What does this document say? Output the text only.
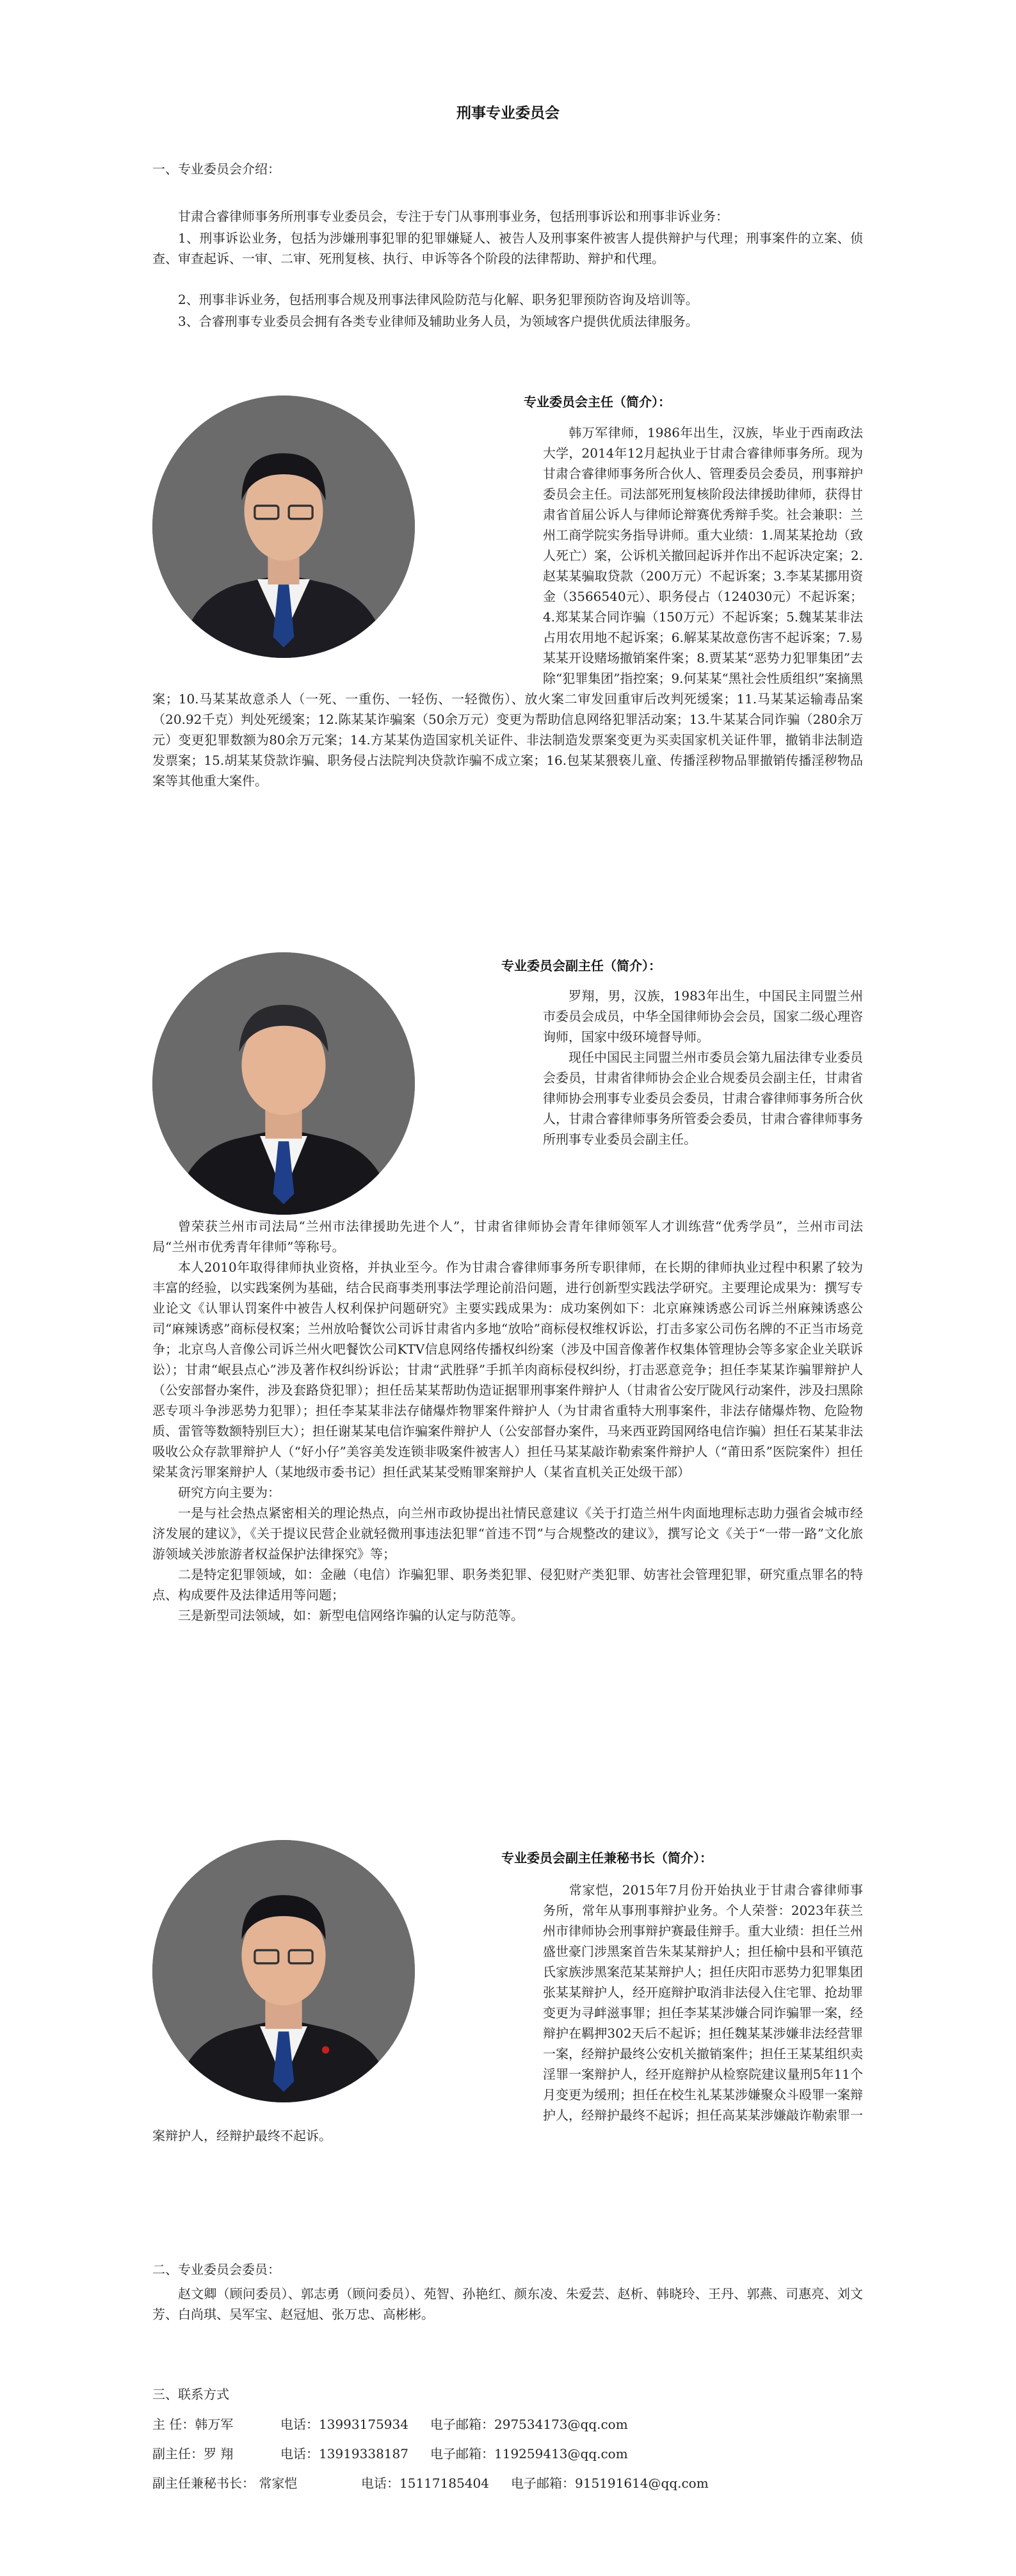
刑事专业委员会
一、专业委员会介绍：
甘肃合睿律师事务所刑事专业委员会，专注于专门从事刑事业务，包括刑事诉讼和刑事非诉业务：
1、刑事诉讼业务，包括为涉嫌刑事犯罪的犯罪嫌疑人、被告人及刑事案件被害人提供辩护与代理；刑事案件的立案、侦查、审查起诉、一审、二审、死刑复核、执行、申诉等各个阶段的法律帮助、辩护和代理。
2、刑事非诉业务，包括刑事合规及刑事法律风险防范与化解、职务犯罪预防咨询及培训等。
3、合睿刑事专业委员会拥有各类专业律师及辅助业务人员，为领域客户提供优质法律服务。
专业委员会主任（简介）：
韩万军律师，1986年出生，汉族，毕业于西南政法大学，2014年12月起执业于甘肃合睿律师事务所。现为甘肃合睿律师事务所合伙人、管理委员会委员，刑事辩护委员会主任。司法部死刑复核阶段法律援助律师，获得甘肃省首届公诉人与律师论辩赛优秀辩手奖。社会兼职：兰州工商学院实务指导讲师。重大业绩：1.周某某抢劫（致人死亡）案，公诉机关撤回起诉并作出不起诉决定案；2.赵某某骗取贷款（200万元）不起诉案；3.李某某挪用资金（3566540元）、职务侵占（124030元）不起诉案；4.郑某某合同诈骗（150万元）不起诉案；5.魏某某非法占用农用地不起诉案；6.解某某故意伤害不起诉案；7.易某某开设赌场撤销案件案；8.贾某某“恶势力犯罪集团”去除“犯罪集团”指控案；9.何某某“黑社会性质组织”案摘黑案；10.马某某故意杀人（一死、一重伤、一轻伤、一轻微伤）、放火案二审发回重审后改判死缓案；11.马某某运输毒品案（20.92千克）判处死缓案；12.陈某某诈骗案（50余万元）变更为帮助信息网络犯罪活动案；13.牛某某合同诈骗（280余万元）变更犯罪数额为80余万元案；14.方某某伪造国家机关证件、非法制造发票案变更为买卖国家机关证件罪，撤销非法制造发票案；15.胡某某贷款诈骗、职务侵占法院判决贷款诈骗不成立案；16.包某某猥亵儿童、传播淫秽物品罪撤销传播淫秽物品案等其他重大案件。
专业委员会副主任（简介）：
罗翔，男，汉族，1983年出生，中国民主同盟兰州市委员会成员，中华全国律师协会会员，国家二级心理咨询师，国家中级环境督导师。
现任中国民主同盟兰州市委员会第九届法律专业委员会委员，甘肃省律师协会企业合规委员会副主任，甘肃省律师协会刑事专业委员会委员，甘肃合睿律师事务所合伙人，甘肃合睿律师事务所管委会委员，甘肃合睿律师事务所刑事专业委员会副主任。
曾荣获兰州市司法局“兰州市法律援助先进个人”，甘肃省律师协会青年律师领军人才训练营“优秀学员”，兰州市司法局“兰州市优秀青年律师”等称号。
本人2010年取得律师执业资格，并执业至今。作为甘肃合睿律师事务所专职律师，在长期的律师执业过程中积累了较为丰富的经验，以实践案例为基础，结合民商事类刑事法学理论前沿问题，进行创新型实践法学研究。主要理论成果为：撰写专业论文《认罪认罚案件中被告人权利保护问题研究》主要实践成果为：成功案例如下：北京麻辣诱惑公司诉兰州麻辣诱惑公司“麻辣诱惑”商标侵权案；兰州放哈餐饮公司诉甘肃省内多地“放哈”商标侵权维权诉讼，打击多家公司伤名牌的不正当市场竞争；北京鸟人音像公司诉兰州火吧餐饮公司KTV信息网络传播权纠纷案（涉及中国音像著作权集体管理协会等多家企业关联诉讼）；甘肃“岷县点心”涉及著作权纠纷诉讼；甘肃“武胜驿”手抓羊肉商标侵权纠纷，打击恶意竞争；担任李某某诈骗罪辩护人（公安部督办案件，涉及套路贷犯罪）；担任岳某某帮助伪造证据罪刑事案件辩护人（甘肃省公安厅陇风行动案件，涉及扫黑除恶专项斗争涉恶势力犯罪）；担任李某某非法存储爆炸物罪案件辩护人（为甘肃省重特大刑事案件，非法存储爆炸物、危险物质、雷管等数额特别巨大）；担任谢某某电信诈骗案件辩护人（公安部督办案件，马来西亚跨国网络电信诈骗）担任石某某非法吸收公众存款罪辩护人（“好小仔”美容美发连锁非吸案件被害人）担任马某某敲诈勒索案件辩护人（“莆田系”医院案件）担任梁某贪污罪案辩护人（某地级市委书记）担任武某某受贿罪案辩护人（某省直机关正处级干部）
研究方向主要为：
一是与社会热点紧密相关的理论热点，向兰州市政协提出社情民意建议《关于打造兰州牛肉面地理标志助力强省会城市经济发展的建议》，《关于提议民营企业就轻微刑事违法犯罪“首违不罚”与合规整改的建议》，撰写论文《关于“一带一路”文化旅游领域关涉旅游者权益保护法律探究》等；
二是特定犯罪领域，如：金融（电信）诈骗犯罪、职务类犯罪、侵犯财产类犯罪、妨害社会管理犯罪，研究重点罪名的特点、构成要件及法律适用等问题；
三是新型司法领域，如：新型电信网络诈骗的认定与防范等。
专业委员会副主任兼秘书长（简介）：
常家恺，2015年7月份开始执业于甘肃合睿律师事务所，常年从事刑事辩护业务。个人荣誉：2023年获兰州市律师协会刑事辩护赛最佳辩手。重大业绩：担任兰州盛世豪门涉黑案首告朱某某辩护人；担任榆中县和平镇范氏家族涉黑案范某某辩护人；担任庆阳市恶势力犯罪集团张某某辩护人，经开庭辩护取消非法侵入住宅罪、抢劫罪变更为寻衅滋事罪；担任李某某涉嫌合同诈骗罪一案，经辩护在羁押302天后不起诉；担任魏某某涉嫌非法经营罪一案，经辩护最终公安机关撤销案件；担任王某某组织卖淫罪一案辩护人，经开庭辩护从检察院建议量刑5年11个月变更为缓刑；担任在校生礼某某涉嫌聚众斗殴罪一案辩护人，经辩护最终不起诉；担任高某某涉嫌敲诈勒索罪一案辩护人，经辩护最终不起诉。
二、专业委员会委员：
赵文卿（顾问委员）、郭志勇（顾问委员）、苑智、孙艳红、颜东凌、朱爱芸、赵析、韩晓玲、王丹、郭燕、司惠亮、刘文芳、白尚琪、吴军宝、赵冠旭、张万忠、高彬彬。
三、联系方式
主 任：韩万军	电话：13993175934 电子邮箱：297534173@qq.com
副主任：罗 翔	电话：13919338187 电子邮箱：119259413@qq.com
副主任兼秘书长： 常家恺	电话：15117185404 电子邮箱：915191614@qq.com
